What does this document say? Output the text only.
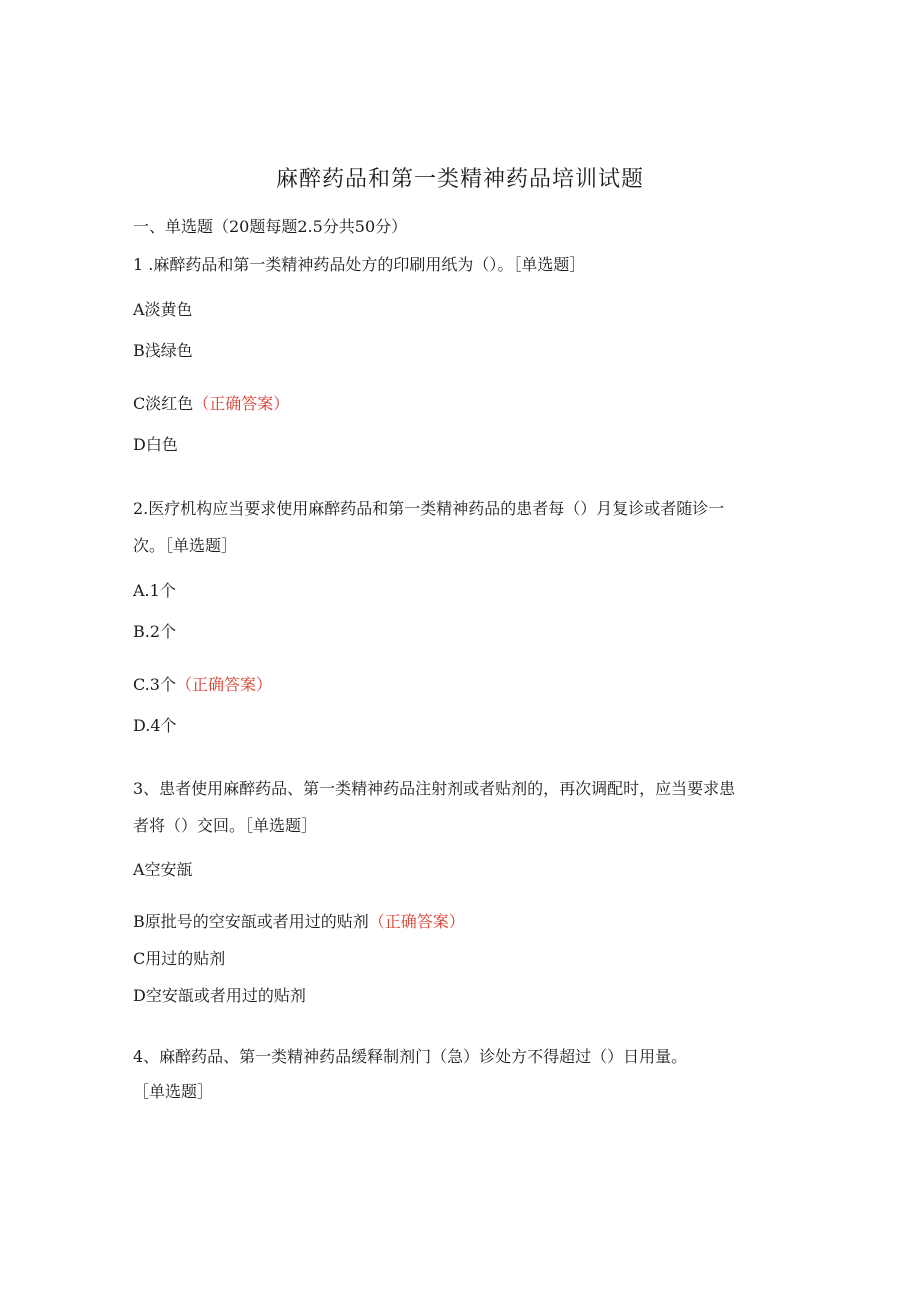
麻醉药品和第一类精神药品培训试题
一、单选题（20题每题2.5分共50分）
1 .麻醉药品和第一类精神药品处方的印刷用纸为（）。［单选题］
A淡黄色
B浅绿色
C淡红色（正确答案）
D白色
2.医疗机构应当要求使用麻醉药品和第一类精神药品的患者每（）月复诊或者随诊一
次。［单选题］
A.1个
B.2个
C.3个（正确答案）
D.4个
3、患者使用麻醉药品、第一类精神药品注射剂或者贴剂的，再次调配时，应当要求患
者将（）交回。［单选题］
A空安瓿
B原批号的空安瓿或者用过的贴剂（正确答案）
C用过的贴剂
D空安瓿或者用过的贴剂
4、麻醉药品、第一类精神药品缓释制剂门（急）诊处方不得超过（）日用量。
［单选题］
